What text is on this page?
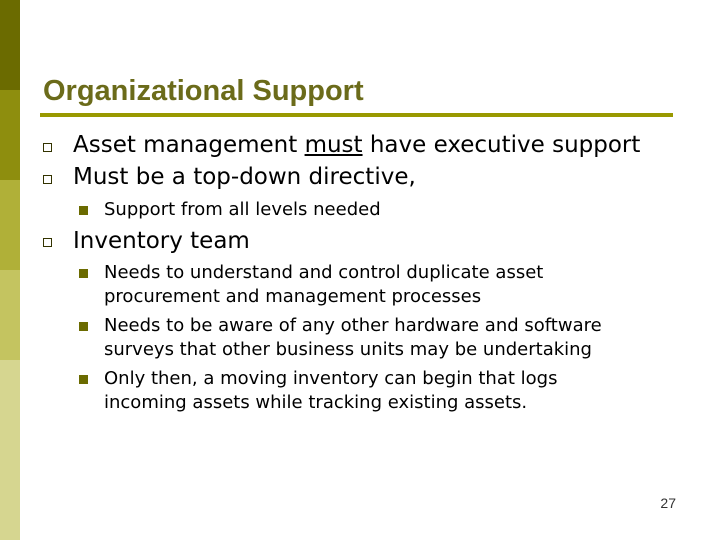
Organizational Support
Asset management must have executive support
Must be a top-down directive,
Support from all levels needed
Inventory team
Needs to understand and control duplicate asset
procurement and management processes
Needs to be aware of any other hardware and software
surveys that other business units may be undertaking
Only then, a moving inventory can begin that logs
incoming assets while tracking existing assets.
27
